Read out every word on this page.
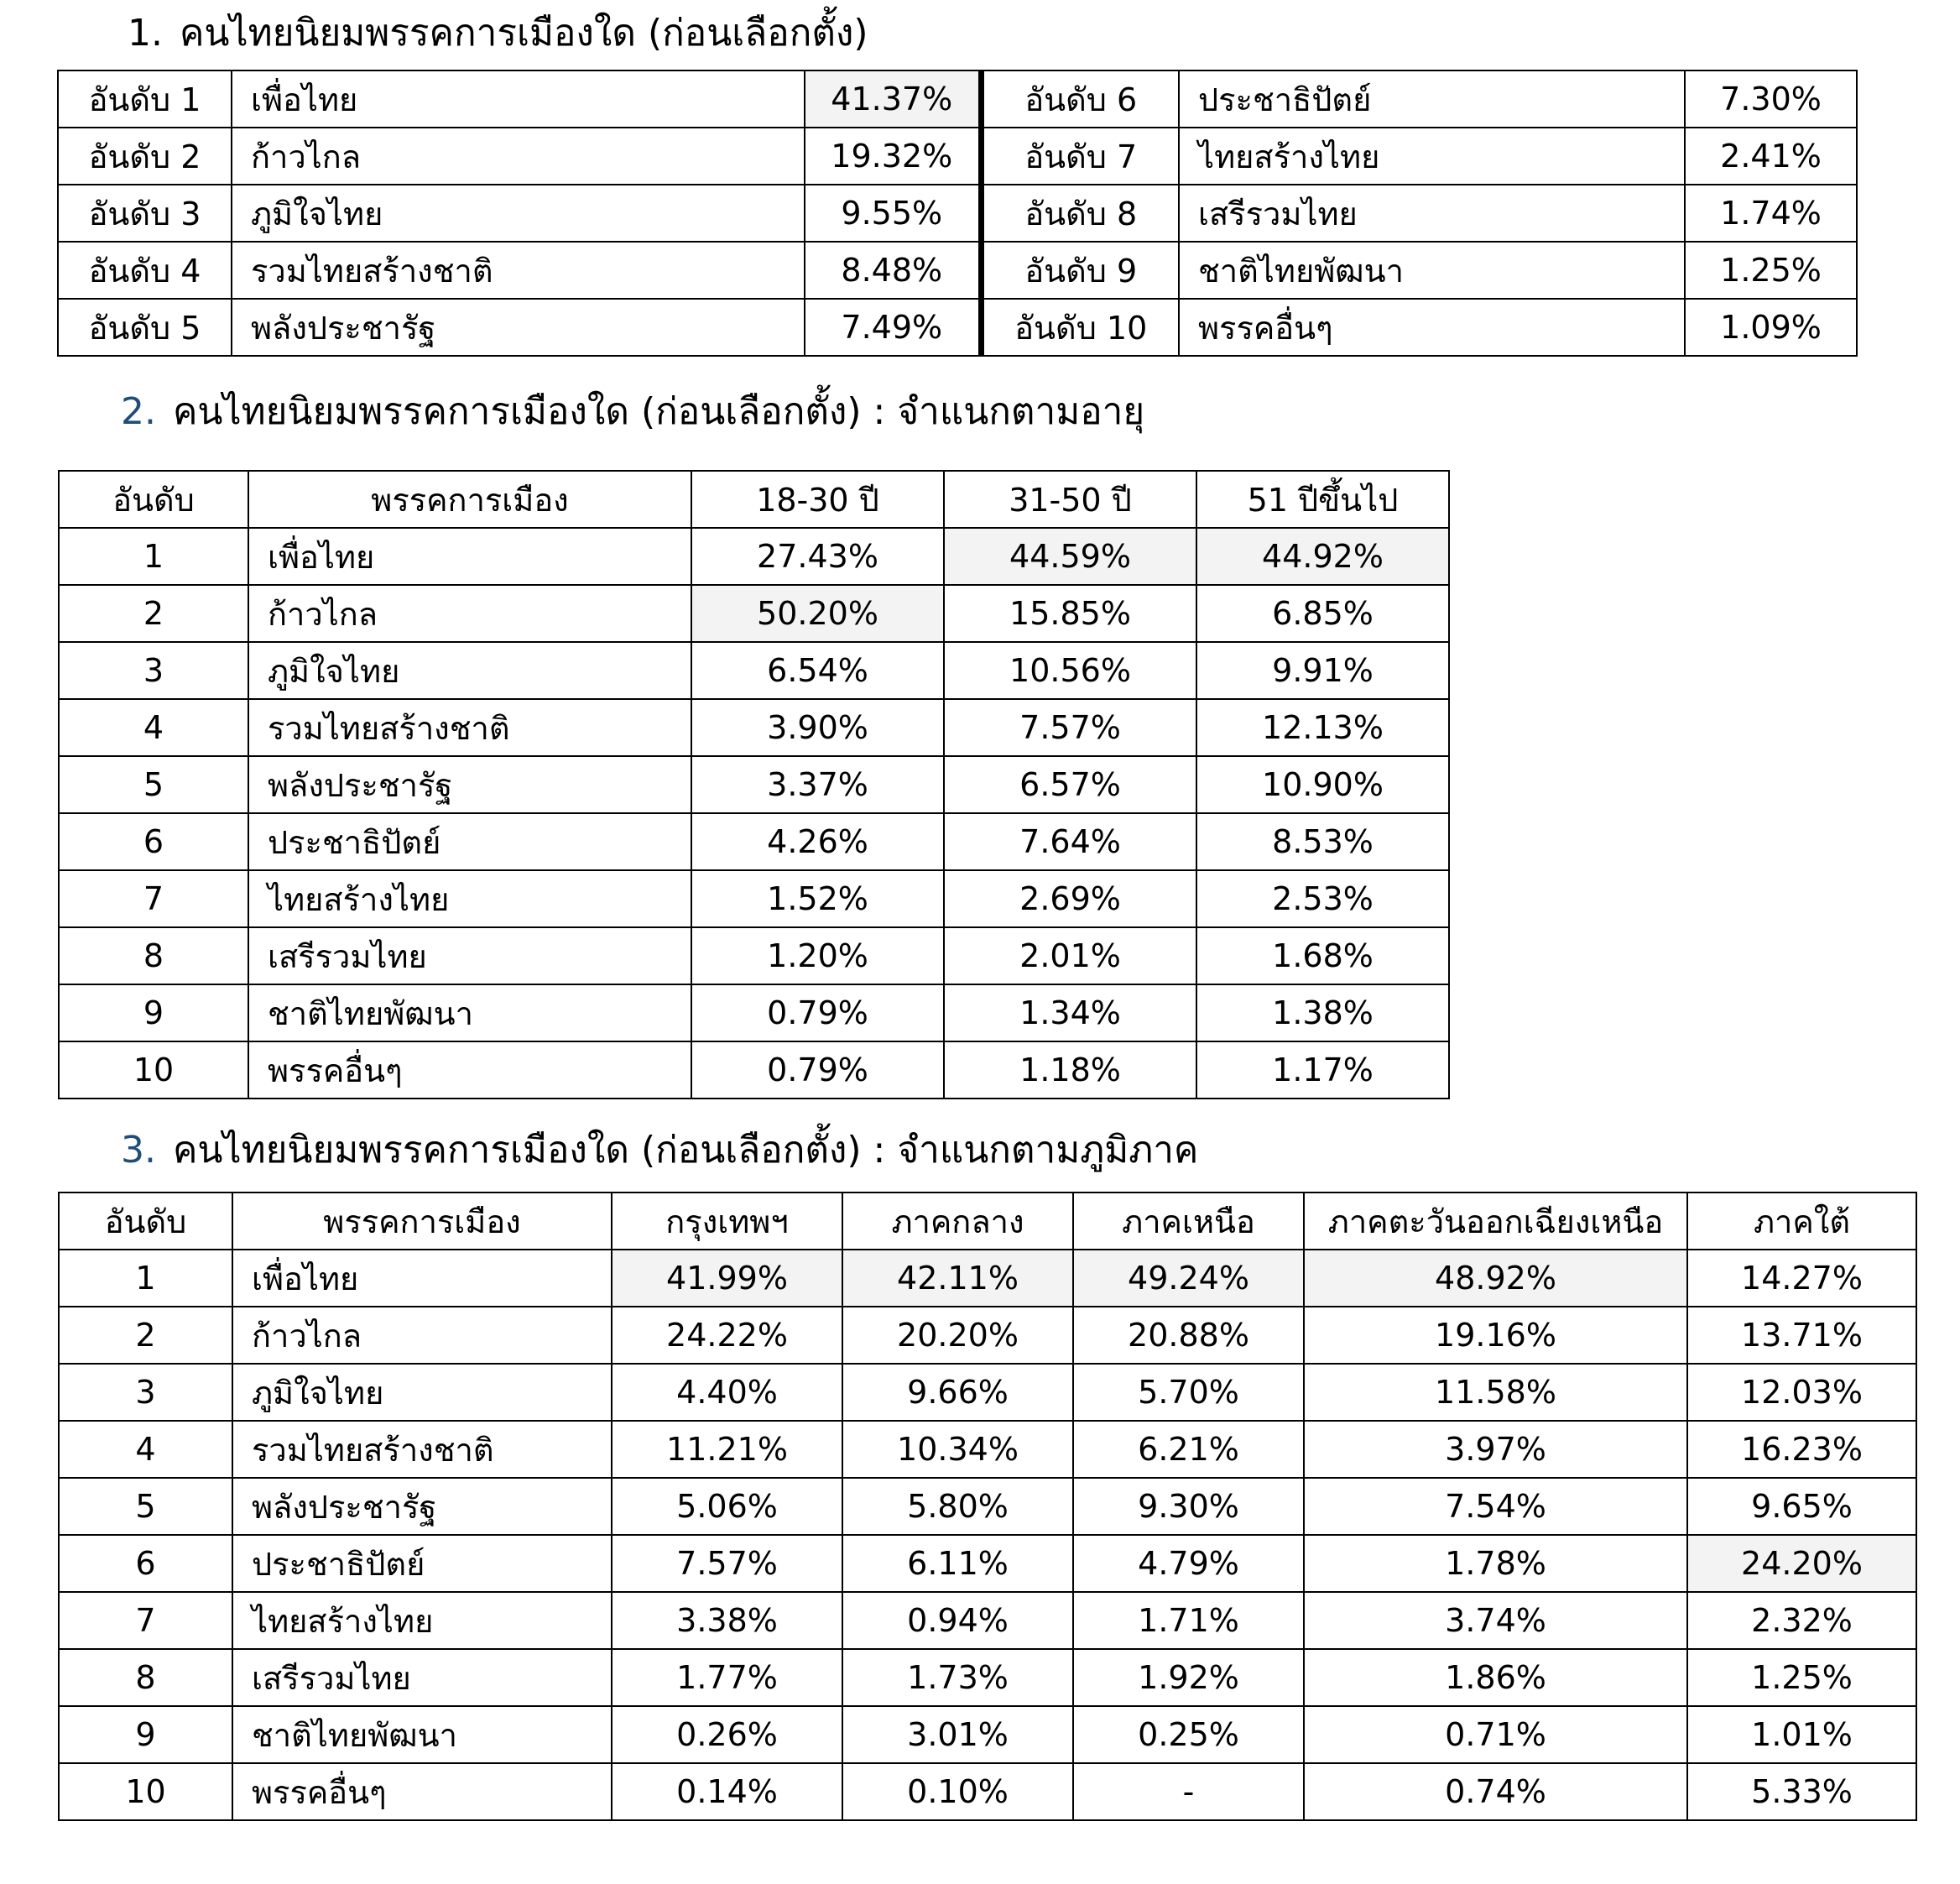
1. คนไทยนิยมพรรคการเมืองใด (ก่อนเลือกตั้ง)
อันดับ 1	เพื่อไทย	41.37%	อันดับ 6	ประชาธิปัตย์	7.30%
อันดับ 2	ก้าวไกล	19.32%	อันดับ 7	ไทยสร้างไทย	2.41%
อันดับ 3	ภูมิใจไทย	9.55%	อันดับ 8	เสรีรวมไทย	1.74%
อันดับ 4	รวมไทยสร้างชาติ	8.48%	อันดับ 9	ชาติไทยพัฒนา	1.25%
อันดับ 5	พลังประชารัฐ	7.49%	อันดับ 10	พรรคอื่นๆ	1.09%
2. คนไทยนิยมพรรคการเมืองใด (ก่อนเลือกตั้ง) : จำแนกตามอายุ
อันดับ	พรรคการเมือง	18-30 ปี	31-50 ปี	51 ปีขึ้นไป
1	เพื่อไทย	27.43%	44.59%	44.92%
2	ก้าวไกล	50.20%	15.85%	6.85%
3	ภูมิใจไทย	6.54%	10.56%	9.91%
4	รวมไทยสร้างชาติ	3.90%	7.57%	12.13%
5	พลังประชารัฐ	3.37%	6.57%	10.90%
6	ประชาธิปัตย์	4.26%	7.64%	8.53%
7	ไทยสร้างไทย	1.52%	2.69%	2.53%
8	เสรีรวมไทย	1.20%	2.01%	1.68%
9	ชาติไทยพัฒนา	0.79%	1.34%	1.38%
10	พรรคอื่นๆ	0.79%	1.18%	1.17%
3. คนไทยนิยมพรรคการเมืองใด (ก่อนเลือกตั้ง) : จำแนกตามภูมิภาค
อันดับ	พรรคการเมือง	กรุงเทพฯ	ภาคกลาง	ภาคเหนือ	ภาคตะวันออกเฉียงเหนือ	ภาคใต้
1	เพื่อไทย	41.99%	42.11%	49.24%	48.92%	14.27%
2	ก้าวไกล	24.22%	20.20%	20.88%	19.16%	13.71%
3	ภูมิใจไทย	4.40%	9.66%	5.70%	11.58%	12.03%
4	รวมไทยสร้างชาติ	11.21%	10.34%	6.21%	3.97%	16.23%
5	พลังประชารัฐ	5.06%	5.80%	9.30%	7.54%	9.65%
6	ประชาธิปัตย์	7.57%	6.11%	4.79%	1.78%	24.20%
7	ไทยสร้างไทย	3.38%	0.94%	1.71%	3.74%	2.32%
8	เสรีรวมไทย	1.77%	1.73%	1.92%	1.86%	1.25%
9	ชาติไทยพัฒนา	0.26%	3.01%	0.25%	0.71%	1.01%
10	พรรคอื่นๆ	0.14%	0.10%	-	0.74%	5.33%
